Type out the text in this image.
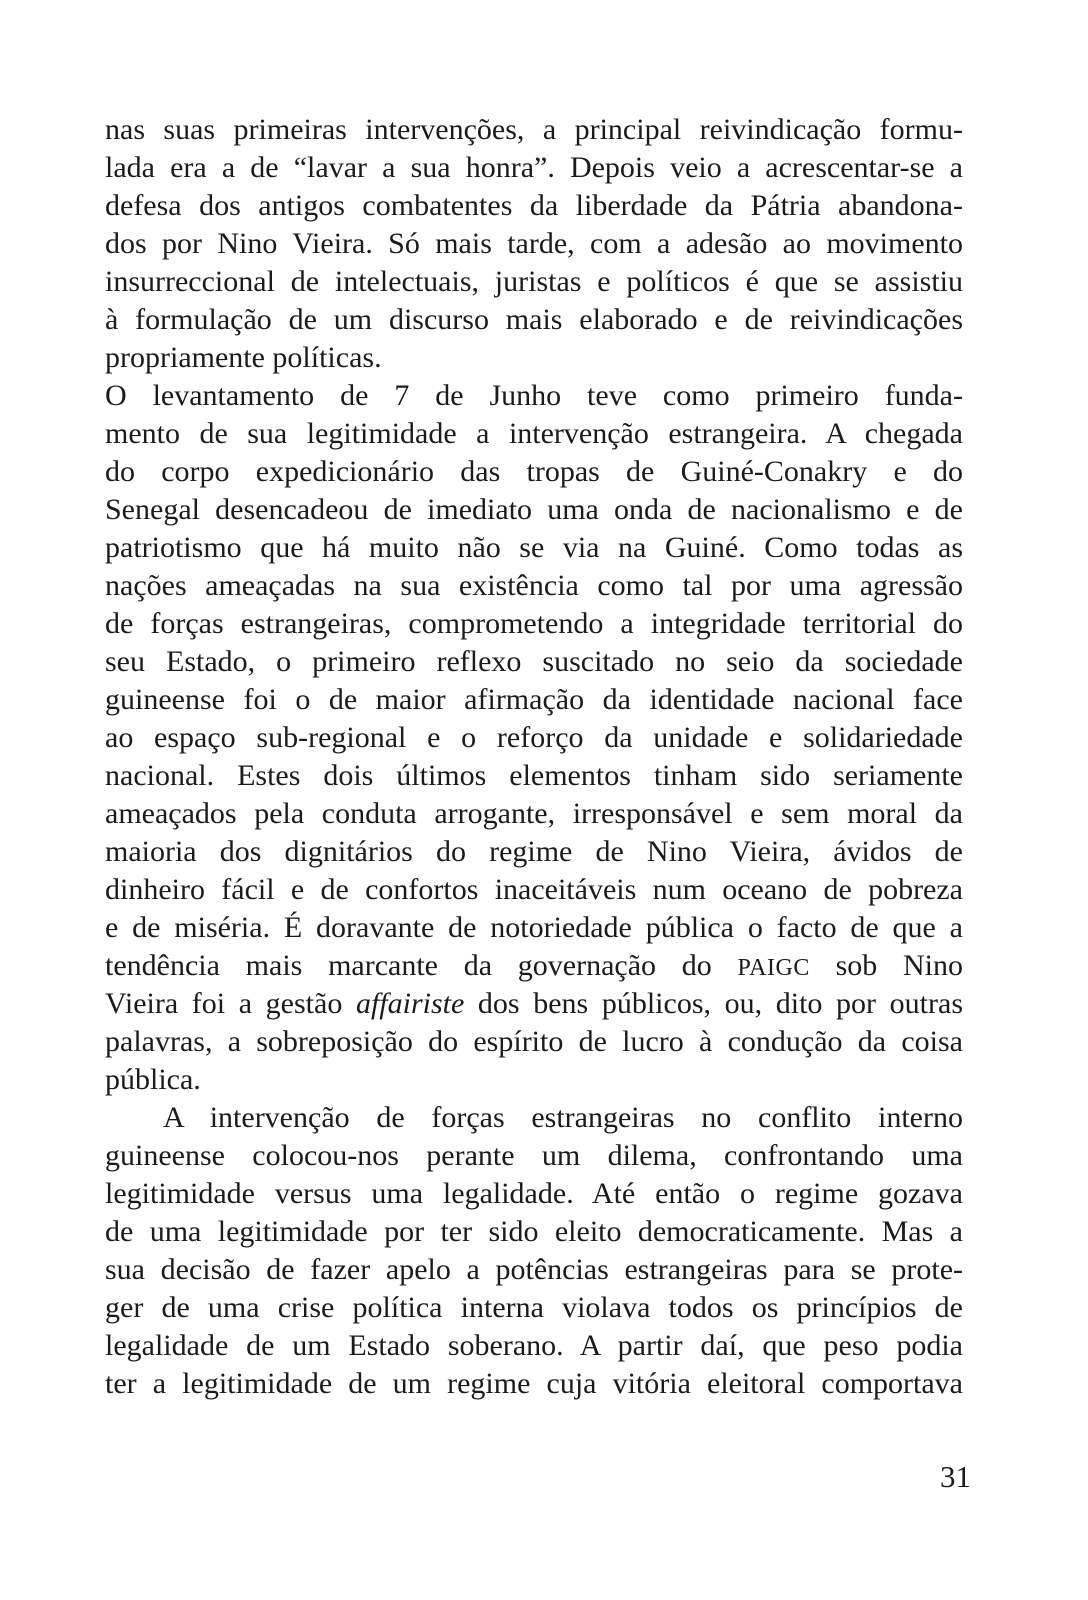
nas suas primeiras intervenções, a principal reivindicação formu-
lada era a de “lavar a sua honra”. Depois veio a acrescentar-se a
defesa dos antigos combatentes da liberdade da Pátria abandona-
dos por Nino Vieira. Só mais tarde, com a adesão ao movimento
insurreccional de intelectuais, juristas e políticos é que se assistiu
à formulação de um discurso mais elaborado e de reivindicações
propriamente políticas.
O levantamento de 7 de Junho teve como primeiro funda-
mento de sua legitimidade a intervenção estrangeira. A chegada
do corpo expedicionário das tropas de Guiné-Conakry e do
Senegal desencadeou de imediato uma onda de nacionalismo e de
patriotismo que há muito não se via na Guiné. Como todas as
nações ameaçadas na sua existência como tal por uma agressão
de forças estrangeiras, comprometendo a integridade territorial do
seu Estado, o primeiro reflexo suscitado no seio da sociedade
guineense foi o de maior afirmação da identidade nacional face
ao espaço sub-regional e o reforço da unidade e solidariedade
nacional. Estes dois últimos elementos tinham sido seriamente
ameaçados pela conduta arrogante, irresponsável e sem moral da
maioria dos dignitários do regime de Nino Vieira, ávidos de
dinheiro fácil e de confortos inaceitáveis num oceano de pobreza
e de miséria. É doravante de notoriedade pública o facto de que a
tendência mais marcante da governação do PAIGC sob Nino
Vieira foi a gestão affairiste dos bens públicos, ou, dito por outras
palavras, a sobreposição do espírito de lucro à condução da coisa
pública.
A intervenção de forças estrangeiras no conflito interno
guineense colocou-nos perante um dilema, confrontando uma
legitimidade versus uma legalidade. Até então o regime gozava
de uma legitimidade por ter sido eleito democraticamente. Mas a
sua decisão de fazer apelo a potências estrangeiras para se prote-
ger de uma crise política interna violava todos os princípios de
legalidade de um Estado soberano. A partir daí, que peso podia
ter a legitimidade de um regime cuja vitória eleitoral comportava
31
